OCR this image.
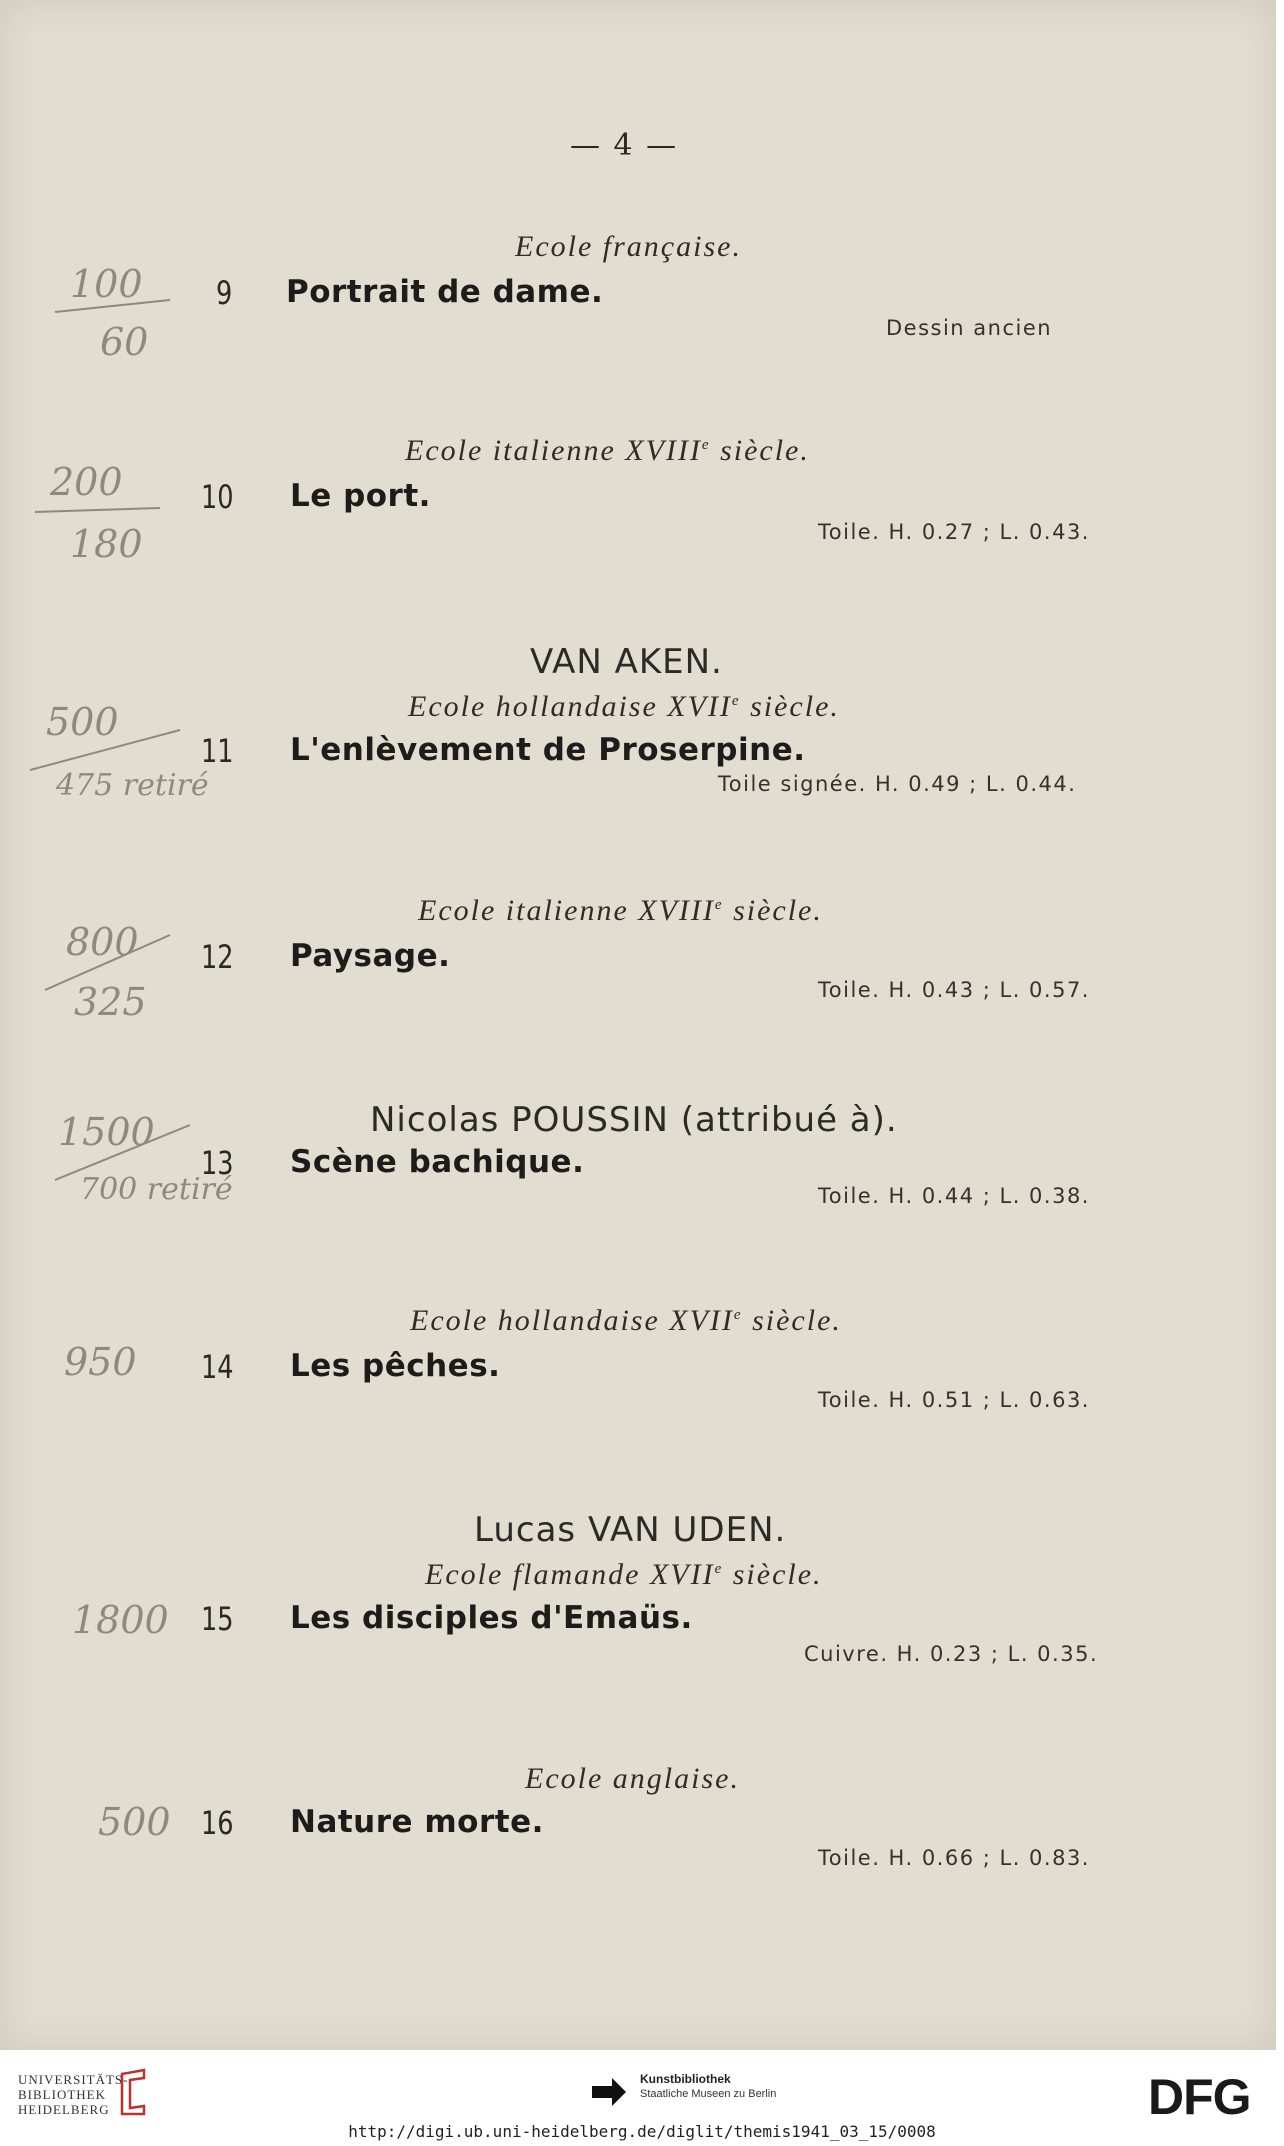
— 4 —
Ecole française.
9 Portrait de dame.
Dessin ancien
100
60
Ecole italienne XVIIIe siècle.
10 Le port.
Toile. H. 0.27 ; L. 0.43.
200
180
VAN AKEN.
Ecole hollandaise XVIIe siècle.
11 L'enlèvement de Proserpine.
Toile signée. H. 0.49 ; L. 0.44.
500
475 retiré
Ecole italienne XVIIIe siècle.
12 Paysage.
Toile. H. 0.43 ; L. 0.57.
800
325
Nicolas POUSSIN (attribué à).
13 Scène bachique.
Toile. H. 0.44 ; L. 0.38.
1500
700 retiré
Ecole hollandaise XVIIe siècle.
14 Les pêches.
Toile. H. 0.51 ; L. 0.63.
950
Lucas VAN UDEN.
Ecole flamande XVIIe siècle.
15 Les disciples d'Emaüs.
Cuivre. H. 0.23 ; L. 0.35.
1800
Ecole anglaise.
16 Nature morte.
Toile. H. 0.66 ; L. 0.83.
500
UNIVERSITÄTS-
BIBLIOTHEK
HEIDELBERG
Kunstbibliothek
Staatliche Museen zu Berlin	DFG
http://digi.ub.uni-heidelberg.de/diglit/themis1941_03_15/0008
